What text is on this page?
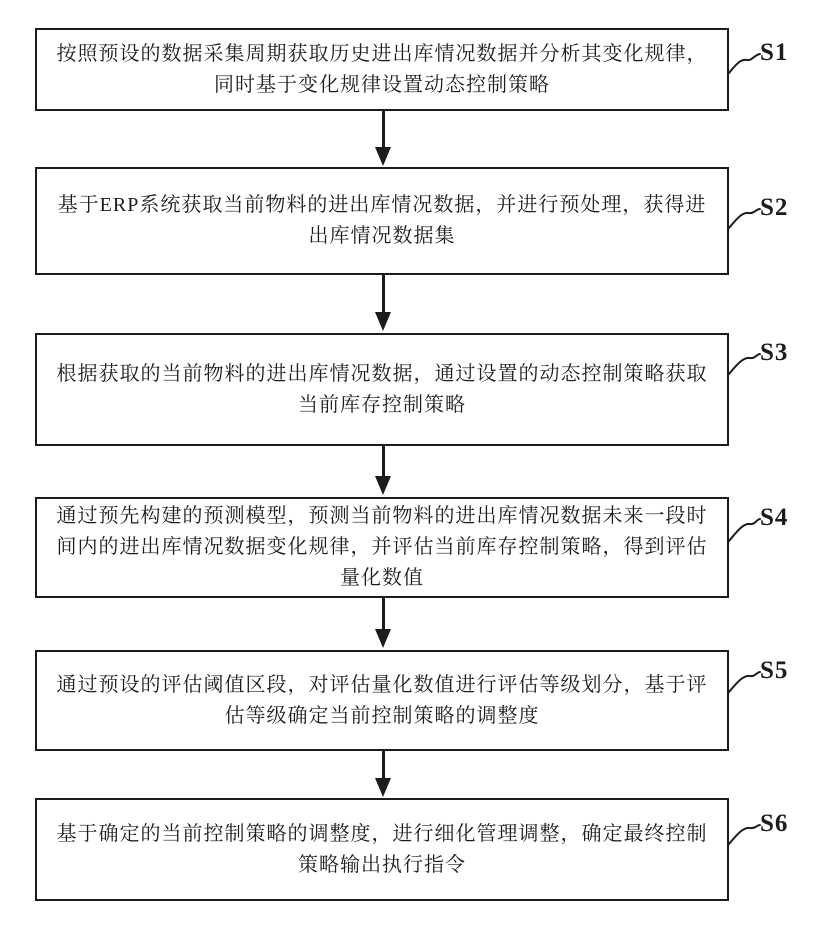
按照预设的数据采集周期获取历史进出库情况数据并分析其变化规律，同时基于变化规律设置动态控制策略
S1
基于ERP系统获取当前物料的进出库情况数据，并进行预处理，获得进出库情况数据集
S2
根据获取的当前物料的进出库情况数据，通过设置的动态控制策略获取当前库存控制策略
S3
通过预先构建的预测模型，预测当前物料的进出库情况数据未来一段时间内的进出库情况数据变化规律，并评估当前库存控制策略，得到评估量化数值
S4
通过预设的评估阈值区段，对评估量化数值进行评估等级划分，基于评估等级确定当前控制策略的调整度
S5
基于确定的当前控制策略的调整度，进行细化管理调整，确定最终控制策略输出执行指令
S6
